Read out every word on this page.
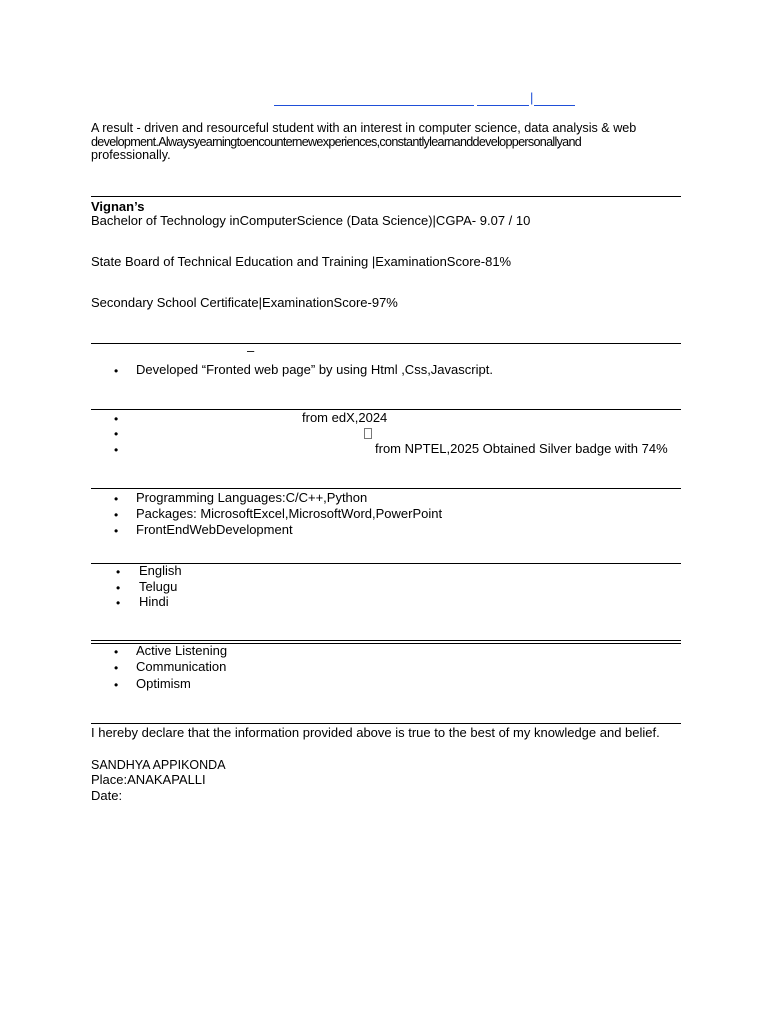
|
A result - driven and resourceful student with an interest in computer science, data analysis & web
development.Alwaysyearningtoencounternewexperiences,constantlylearnanddeveloppersonallyand
professionally.
Vignan’s
Bachelor of Technology inComputerScience (Data Science)|CGPA- 9.07 / 10
State Board of Technical Education and Training |ExaminationScore-81%
Secondary School Certificate|ExaminationScore-97%
–
• Developed “Fronted web page” by using Html ,Css,Javascript.
•	from edX,2024
•
•	from NPTEL,2025 Obtained Silver badge with 74%
• Programming Languages:C/C++,Python
• Packages: MicrosoftExcel,MicrosoftWord,PowerPoint
• FrontEndWebDevelopment
• English
• Telugu
• Hindi
• Active Listening
• Communication
• Optimism
I hereby declare that the information provided above is true to the best of my knowledge and belief.
SANDHYA APPIKONDA
Place:ANAKAPALLI
Date:
